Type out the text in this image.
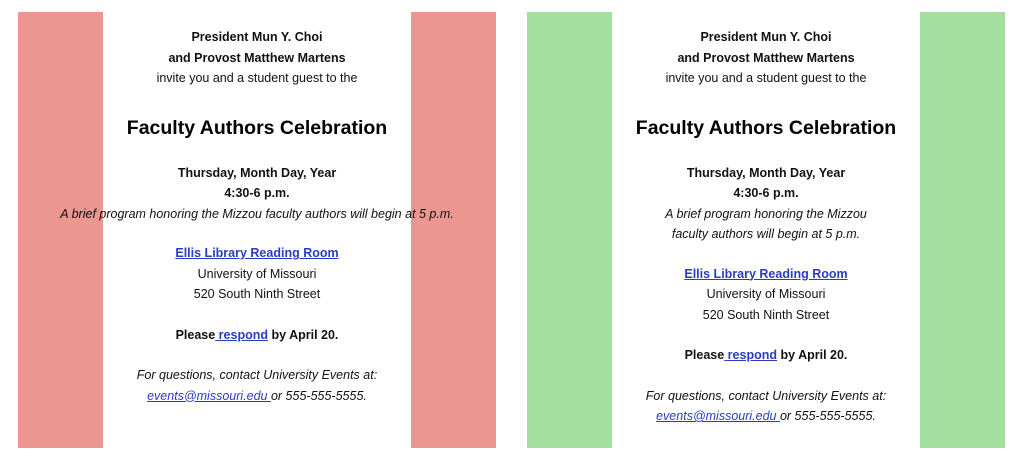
President Mun Y. Choi
and Provost Matthew Martens
invite you and a student guest to the
Faculty Authors Celebration
Thursday, Month Day, Year
4:30-6 p.m.
A brief program honoring the Mizzou faculty authors will begin at 5 p.m.
Ellis Library Reading Room
University of Missouri
520 South Ninth Street
Please respond by April 20.
For questions, contact University Events at:
events@missouri.edu or 555-555-5555.
President Mun Y. Choi
and Provost Matthew Martens
invite you and a student guest to the
Faculty Authors Celebration
Thursday, Month Day, Year
4:30-6 p.m.
A brief program honoring the Mizzou
faculty authors will begin at 5 p.m.
Ellis Library Reading Room
University of Missouri
520 South Ninth Street
Please respond by April 20.
For questions, contact University Events at:
events@missouri.edu or 555-555-5555.
